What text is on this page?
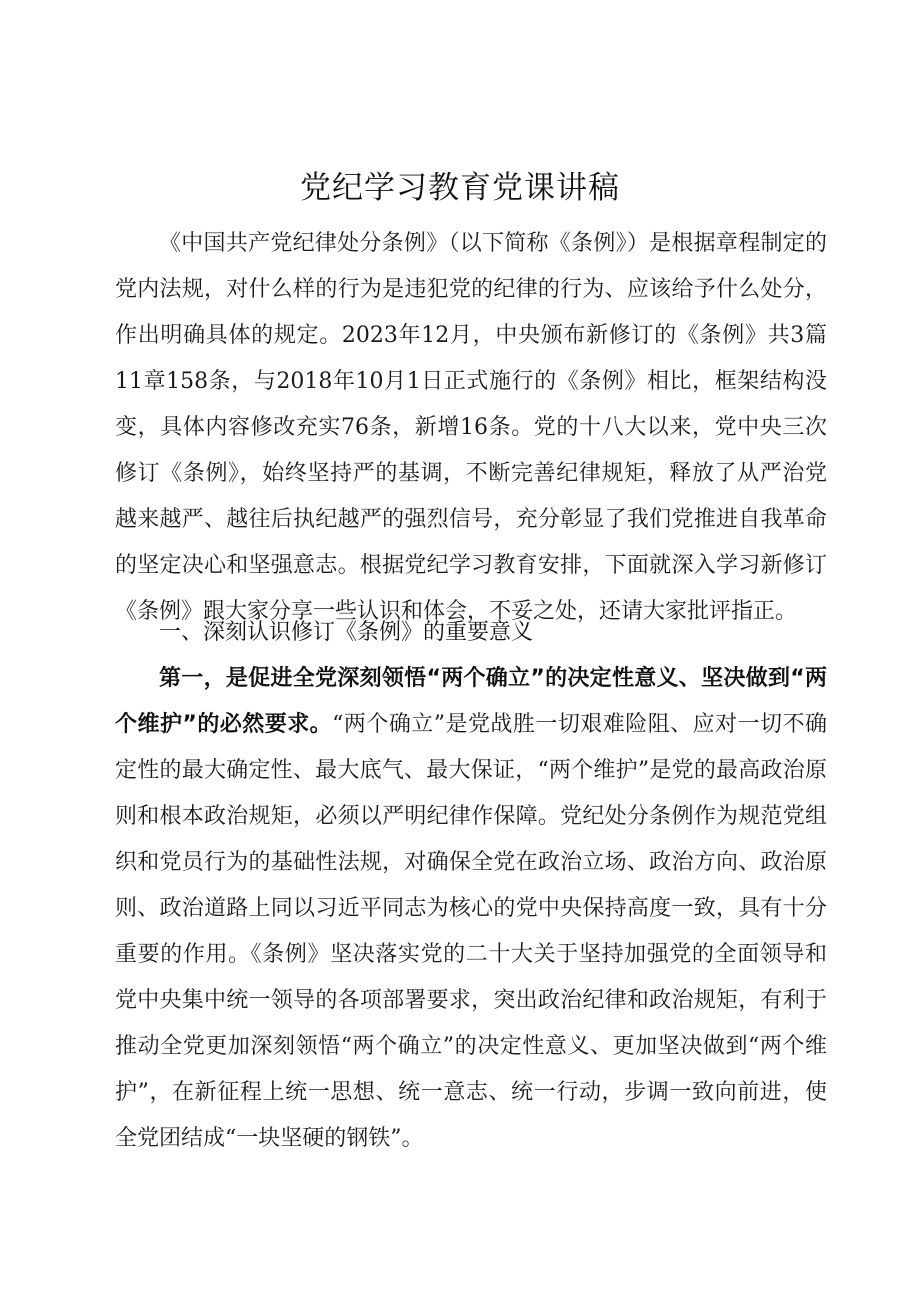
党纪学习教育党课讲稿

《中国共产党纪律处分条例》（以下简称《条例》）是根据章程制定的党内法规，对什么样的行为是违犯党的纪律的行为、应该给予什么处分，作出明确具体的规定。2023年12月，中央颁布新修订的《条例》共3篇11章158条，与2018年10月1日正式施行的《条例》相比，框架结构没变，具体内容修改充实76条，新增16条。党的十八大以来，党中央三次修订《条例》，始终坚持严的基调，不断完善纪律规矩，释放了从严治党越来越严、越往后执纪越严的强烈信号，充分彰显了我们党推进自我革命的坚定决心和坚强意志。根据党纪学习教育安排，下面就深入学习新修订《条例》跟大家分享一些认识和体会，不妥之处，还请大家批评指正。

一、深刻认识修订《条例》的重要意义

第一，是促进全党深刻领悟“两个确立”的决定性意义、坚决做到“两个维护”的必然要求。“两个确立”是党战胜一切艰难险阻、应对一切不确定性的最大确定性、最大底气、最大保证，“两个维护”是党的最高政治原则和根本政治规矩，必须以严明纪律作保障。党纪处分条例作为规范党组织和党员行为的基础性法规，对确保全党在政治立场、政治方向、政治原则、政治道路上同以习近平同志为核心的党中央保持高度一致，具有十分重要的作用。《条例》坚决落实党的二十大关于坚持加强党的全面领导和党中央集中统一领导的各项部署要求，突出政治纪律和政治规矩，有利于推动全党更加深刻领悟“两个确立”的决定性意义、更加坚决做到“两个维护”，在新征程上统一思想、统一意志、统一行动，步调一致向前进，使全党团结成“一块坚硬的钢铁”。
